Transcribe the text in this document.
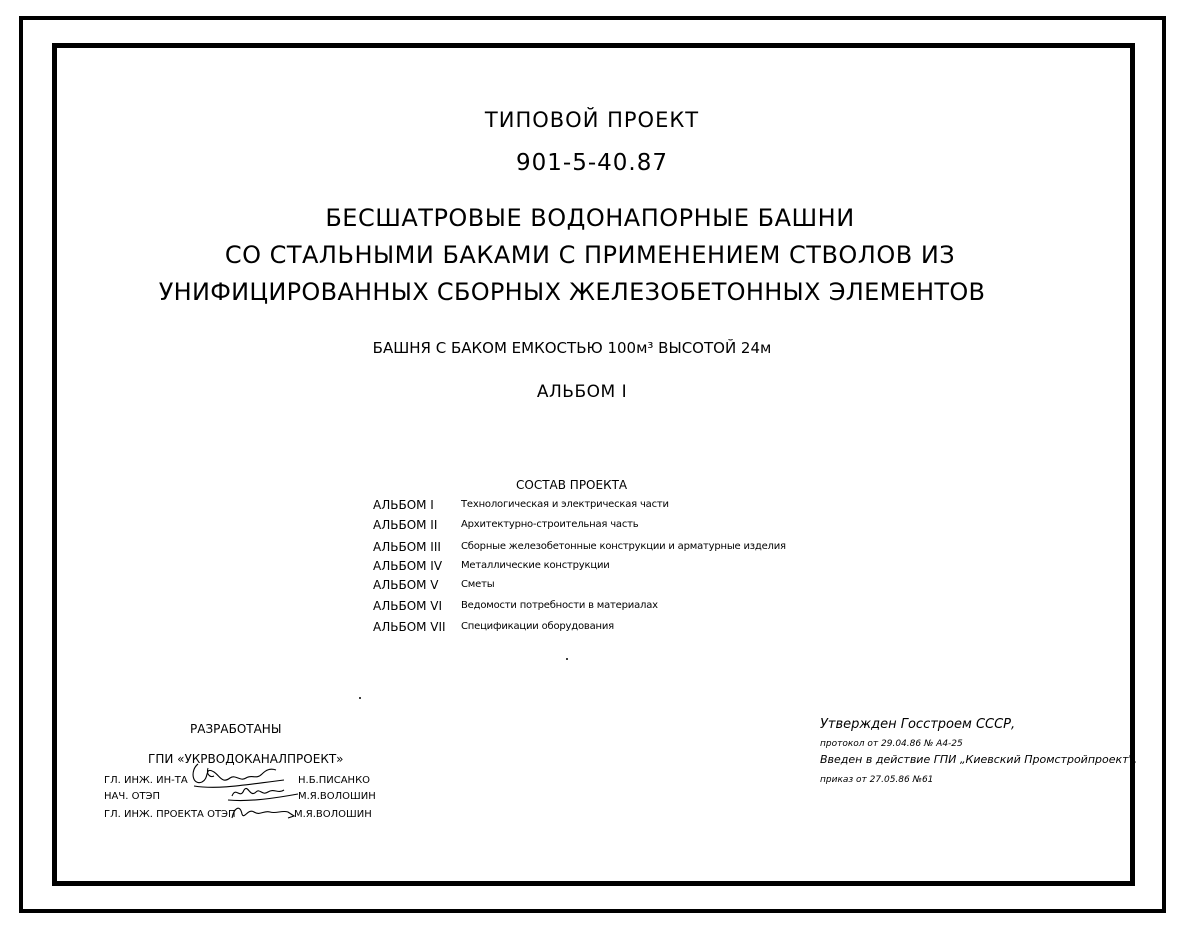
ТИПОВОЙ ПРОЕКТ
901-5-40.87
БЕСШАТРОВЫЕ ВОДОНАПОРНЫЕ БАШНИ
СО СТАЛЬНЫМИ БАКАМИ С ПРИМЕНЕНИЕМ СТВОЛОВ ИЗ
УНИФИЦИРОВАННЫХ СБОРНЫХ ЖЕЛЕЗОБЕТОННЫХ ЭЛЕМЕНТОВ
БАШНЯ С БАКОМ ЕМКОСТЬЮ 100м³ ВЫСОТОЙ 24м
АЛЬБОМ I
СОСТАВ ПРОЕКТА
АЛЬБОМ I	Технологическая и электрическая части
АЛЬБОМ II Архитектурно-строительная часть
АЛЬБОМ III Сборные железобетонные конструкции и арматурные изделия
АЛЬБОМ IV Металлические конструкции
АЛЬБОМ V Сметы
АЛЬБОМ VI Ведомости потребности в материалах
АЛЬБОМ VII Спецификации оборудования
РАЗРАБОТАНЫ
ГПИ «УКРВОДОКАНАЛПРОЕКТ»
ГЛ. ИНЖ. ИН-ТА	Н.Б.ПИСАНКО
НАЧ. ОТЭП	М.Я.ВОЛОШИН
ГЛ. ИНЖ. ПРОЕКТА ОТЭП	М.Я.ВОЛОШИН
Утвержден Госстроем СССР,
протокол от 29.04.86 № А4-25
Введен в действие ГПИ „Киевский Промстройпроект",
приказ от 27.05.86 №61
